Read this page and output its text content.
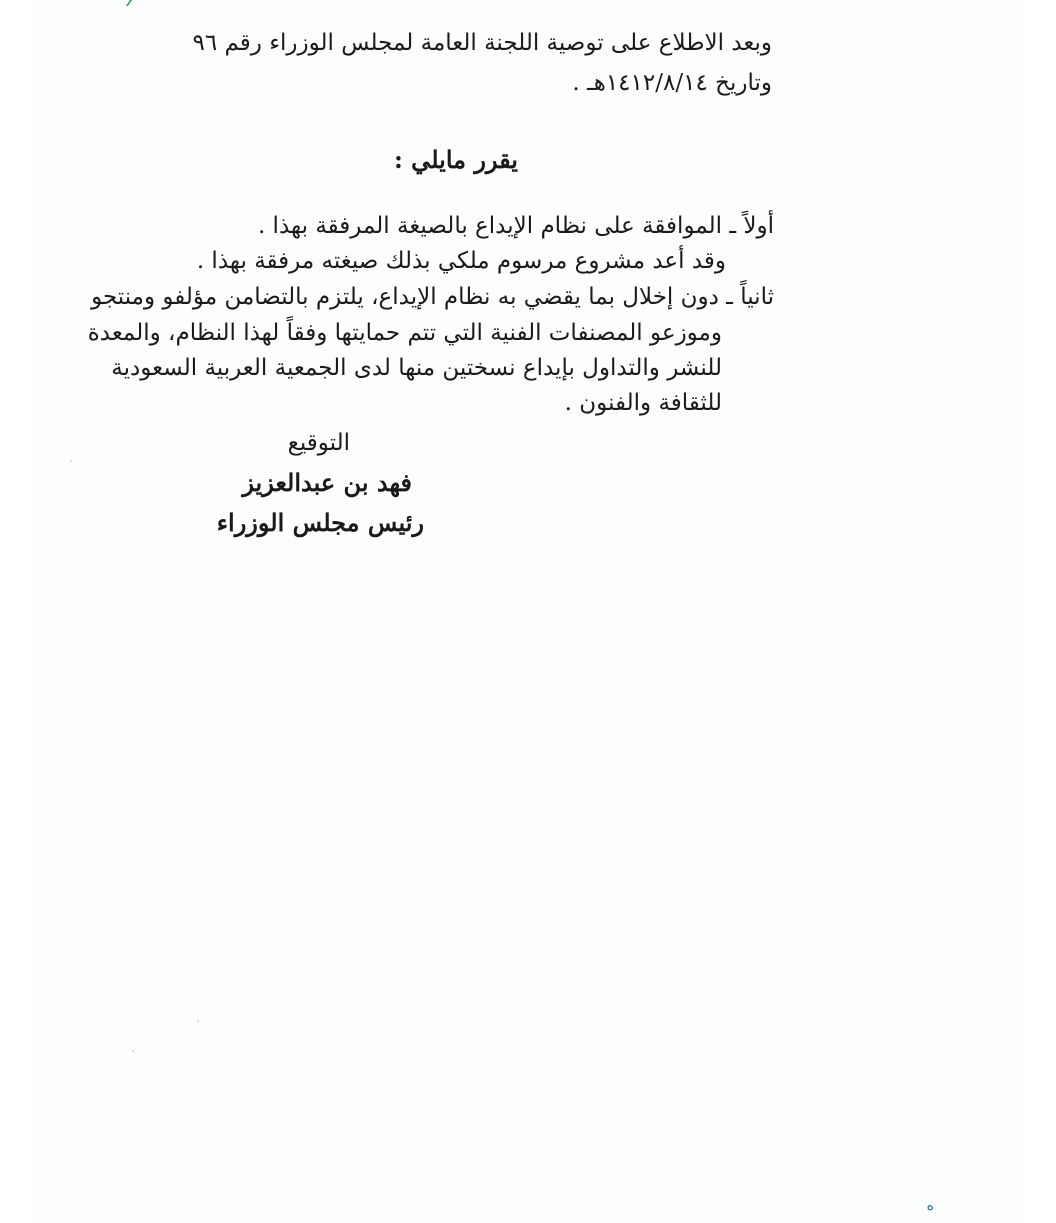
وبعد الاطلاع على توصية اللجنة العامة لمجلس الوزراء رقم ٩٦

وتاريخ ١٤١٢/٨/١٤هـ .

يقرر مايلي :

أولاً ـ الموافقة على نظام الإيداع بالصيغة المرفقة بهذا .

وقد أعد مشروع مرسوم ملكي بذلك صيغته مرفقة بهذا .

ثانياً ـ دون إخلال بما يقضي به نظام الإيداع، يلتزم بالتضامن مؤلفو ومنتجو

وموزعو المصنفات الفنية التي تتم حمايتها وفقاً لهذا النظام، والمعدة

للنشر والتداول بإيداع نسختين منها لدى الجمعية العربية السعودية

للثقافة والفنون .

التوقيع

فهد بن عبدالعزيز

رئيس مجلس الوزراء

ه
